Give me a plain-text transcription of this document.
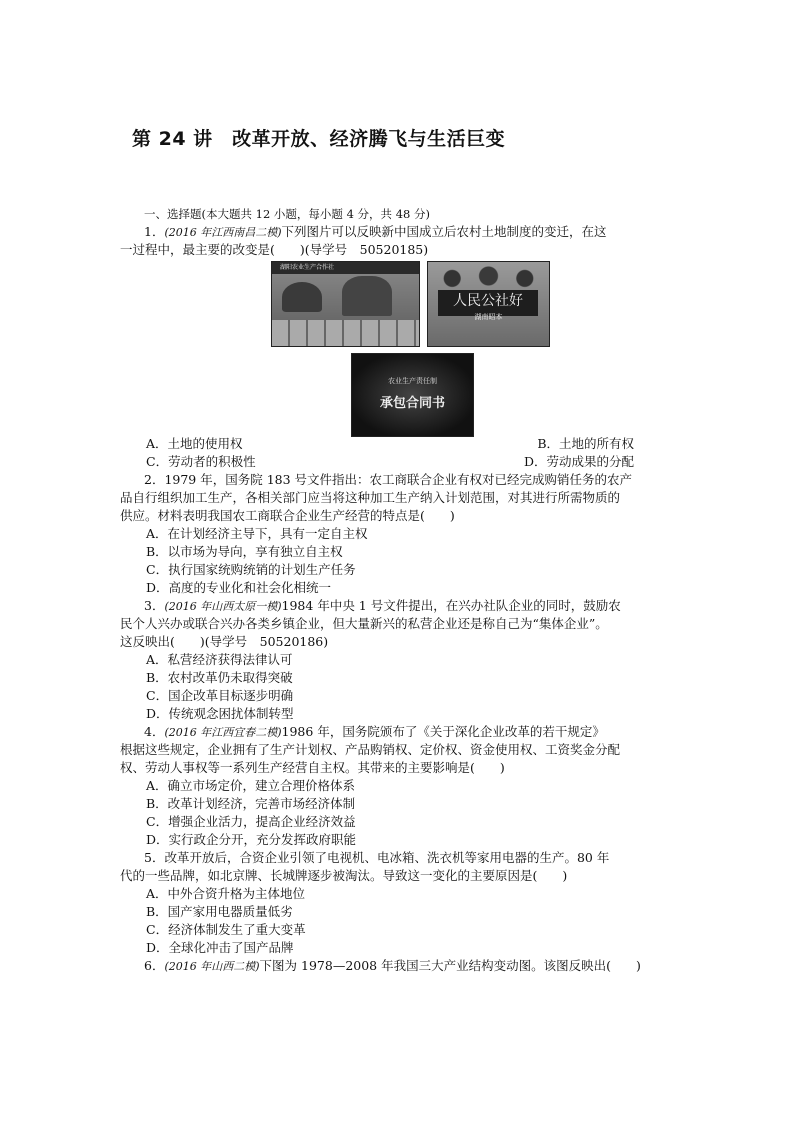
第 24 讲　改革开放、经济腾飞与生活巨变
一、选择题(本大题共 12 小题，每小题 4 分，共 48 分)
1．(2016 年江西南昌二模)下列图片可以反映新中国成立后农村土地制度的变迁，在这
一过程中，最主要的改变是(　　)(导学号　50520185)
湖阳农业生产合作社
人民公社好
湖南昭本
农业生产责任制
承包合同书
A．土地的使用权	B．土地的所有权
C．劳动者的积极性	D．劳动成果的分配
2．1979 年，国务院 183 号文件指出：农工商联合企业有权对已经完成购销任务的农产
品自行组织加工生产，各相关部门应当将这种加工生产纳入计划范围，对其进行所需物质的
供应。材料表明我国农工商联合企业生产经营的特点是(　　)
A．在计划经济主导下，具有一定自主权
B．以市场为导向，享有独立自主权
C．执行国家统购统销的计划生产任务
D．高度的专业化和社会化相统一
3．(2016 年山西太原一模)1984 年中央 1 号文件提出，在兴办社队企业的同时，鼓励农
民个人兴办或联合兴办各类乡镇企业，但大量新兴的私营企业还是称自己为“集体企业”。
这反映出(　　)(导学号　50520186)
A．私营经济获得法律认可
B．农村改革仍未取得突破
C．国企改革目标逐步明确
D．传统观念困扰体制转型
4．(2016 年江西宜春二模)1986 年，国务院颁布了《关于深化企业改革的若干规定》
根据这些规定，企业拥有了生产计划权、产品购销权、定价权、资金使用权、工资奖金分配
权、劳动人事权等一系列生产经营自主权。其带来的主要影响是(　　)
A．确立市场定价，建立合理价格体系
B．改革计划经济，完善市场经济体制
C．增强企业活力，提高企业经济效益
D．实行政企分开，充分发挥政府职能
5．改革开放后，合资企业引领了电视机、电冰箱、洗衣机等家用电器的生产。80 年
代的一些品牌，如北京牌、长城牌逐步被淘汰。导致这一变化的主要原因是(　　)
A．中外合资升格为主体地位
B．国产家用电器质量低劣
C．经济体制发生了重大变革
D．全球化冲击了国产品牌
6．(2016 年山西二模)下图为 1978—2008 年我国三大产业结构变动图。该图反映出(　　)
